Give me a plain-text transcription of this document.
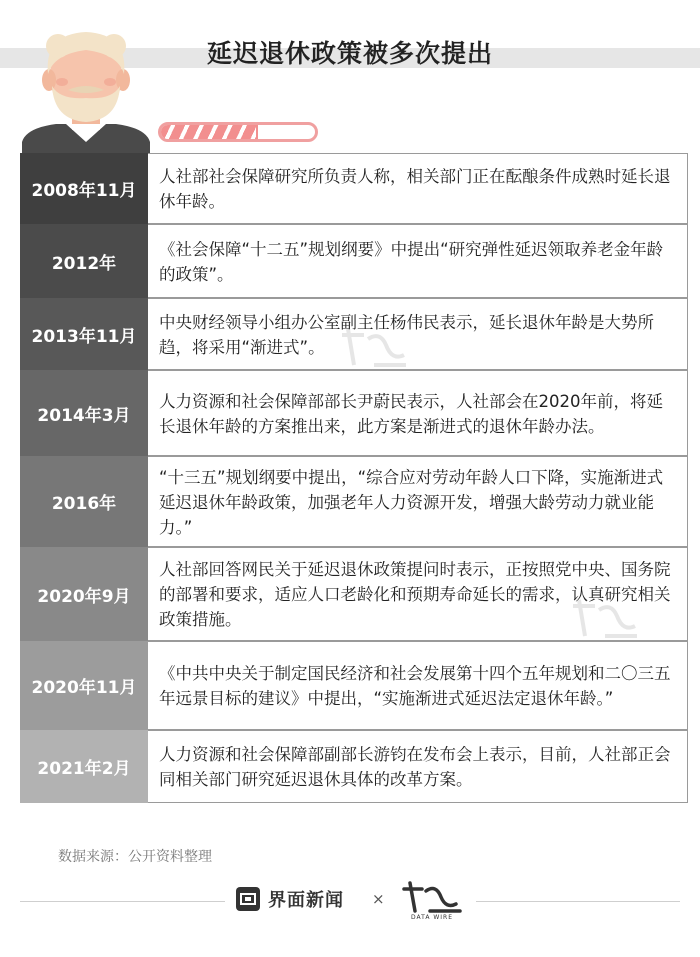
延迟退休政策被多次提出
2008年11月
人社部社会保障研究所负责人称，相关部门正在酝酿条件成熟时延长退休年龄。
2012年
《社会保障“十二五”规划纲要》中提出“研究弹性延迟领取养老金年龄的政策”。
2013年11月
中央财经领导小组办公室副主任杨伟民表示，延长退休年龄是大势所趋，将采用“渐进式”。
2014年3月
人力资源和社会保障部部长尹蔚民表示，人社部会在2020年前，将延长退休年龄的方案推出来，此方案是渐进式的退休年龄办法。
2016年
“十三五”规划纲要中提出，“综合应对劳动年龄人口下降，实施渐进式延迟退休年龄政策，加强老年人力资源开发，增强大龄劳动力就业能力。”
2020年9月
人社部回答网民关于延迟退休政策提问时表示，正按照党中央、国务院的部署和要求，适应人口老龄化和预期寿命延长的需求，认真研究相关政策措施。
2020年11月
《中共中央关于制定国民经济和社会发展第十四个五年规划和二〇三五年远景目标的建议》中提出，“实施渐进式延迟法定退休年龄。”
2021年2月
人力资源和社会保障部副部长游钧在发布会上表示，目前，人社部正会同相关部门研究延迟退休具体的改革方案。
数据来源：公开资料整理
界面新闻 ×
DATA WIRE
